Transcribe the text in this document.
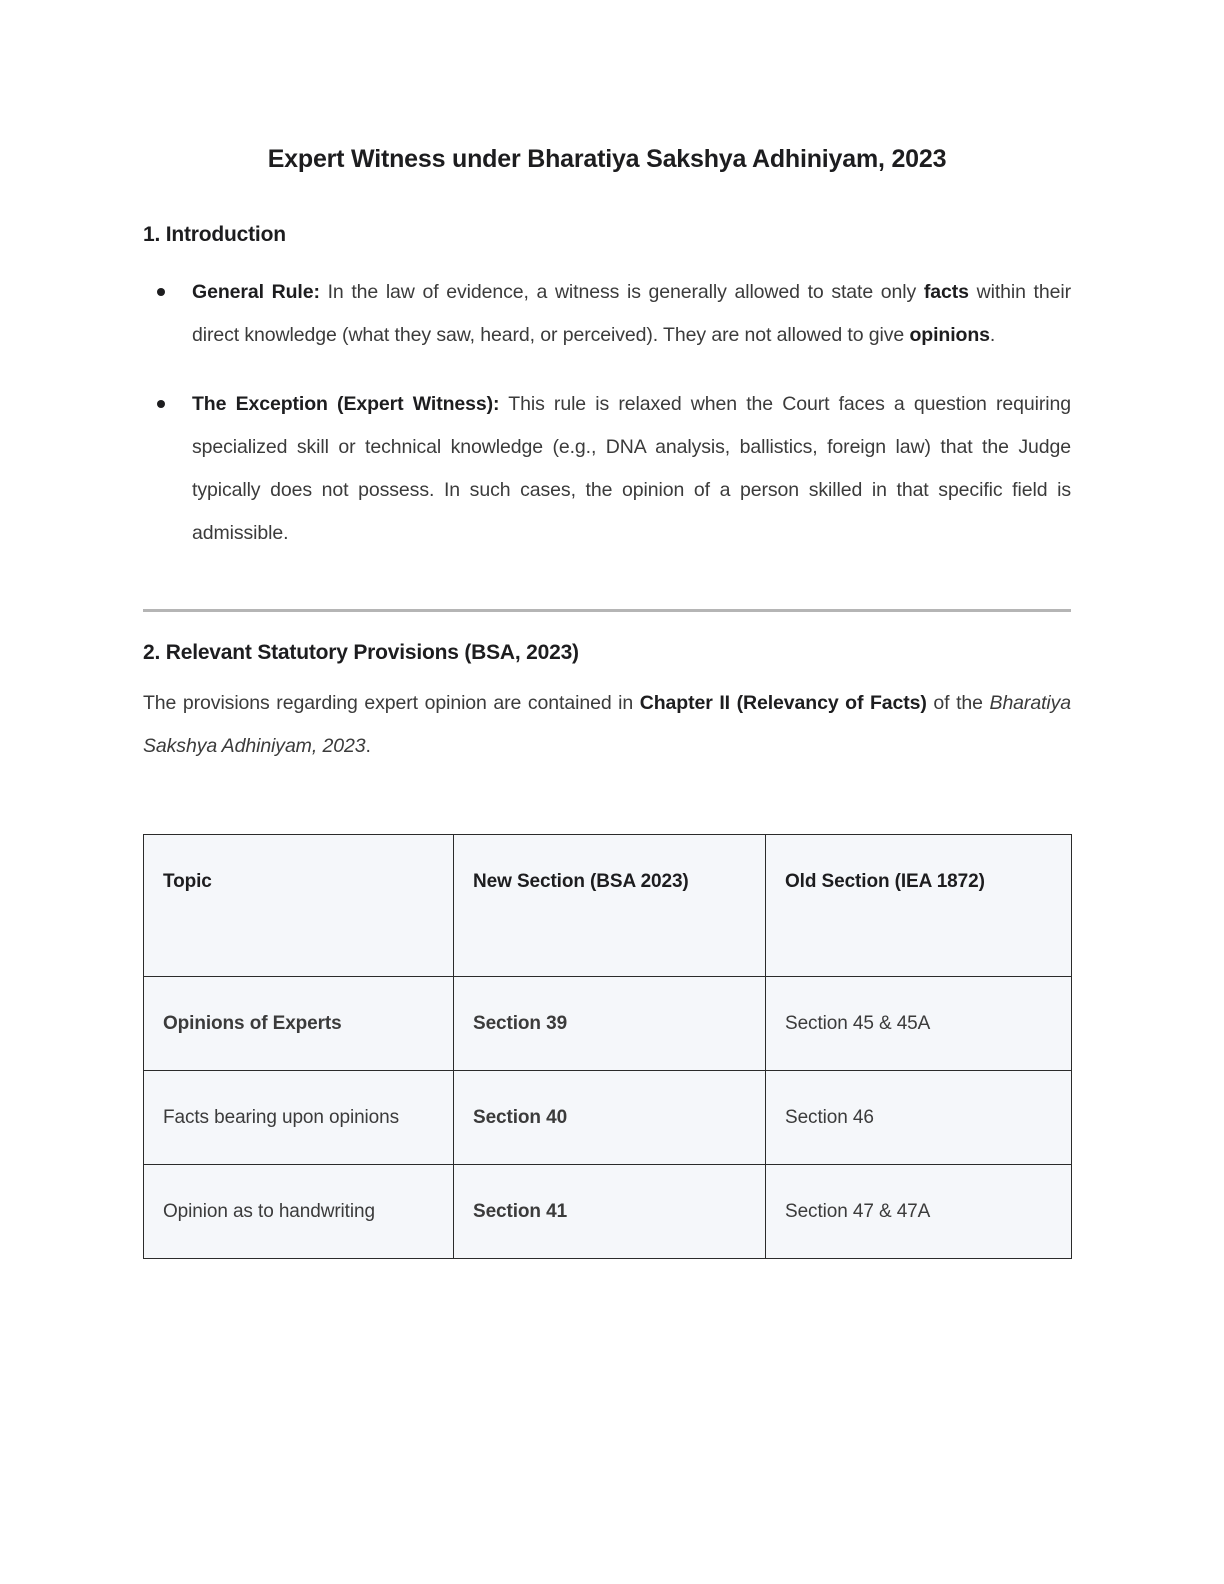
Expert Witness under Bharatiya Sakshya Adhiniyam, 2023
1. Introduction
General Rule: In the law of evidence, a witness is generally allowed to state only facts within their direct knowledge (what they saw, heard, or perceived). They are not allowed to give opinions.
The Exception (Expert Witness): This rule is relaxed when the Court faces a question requiring specialized skill or technical knowledge (e.g., DNA analysis, ballistics, foreign law) that the Judge typically does not possess. In such cases, the opinion of a person skilled in that specific field is admissible.
2. Relevant Statutory Provisions (BSA, 2023)

The provisions regarding expert opinion are contained in Chapter II (Relevancy of Facts) of the Bharatiya Sakshya Adhiniyam, 2023.

Topic	New Section (BSA 2023)	Old Section (IEA 1872)
Opinions of Experts	Section 39	Section 45 & 45A
Facts bearing upon opinions	Section 40	Section 46
Opinion as to handwriting	Section 41	Section 47 & 47A
